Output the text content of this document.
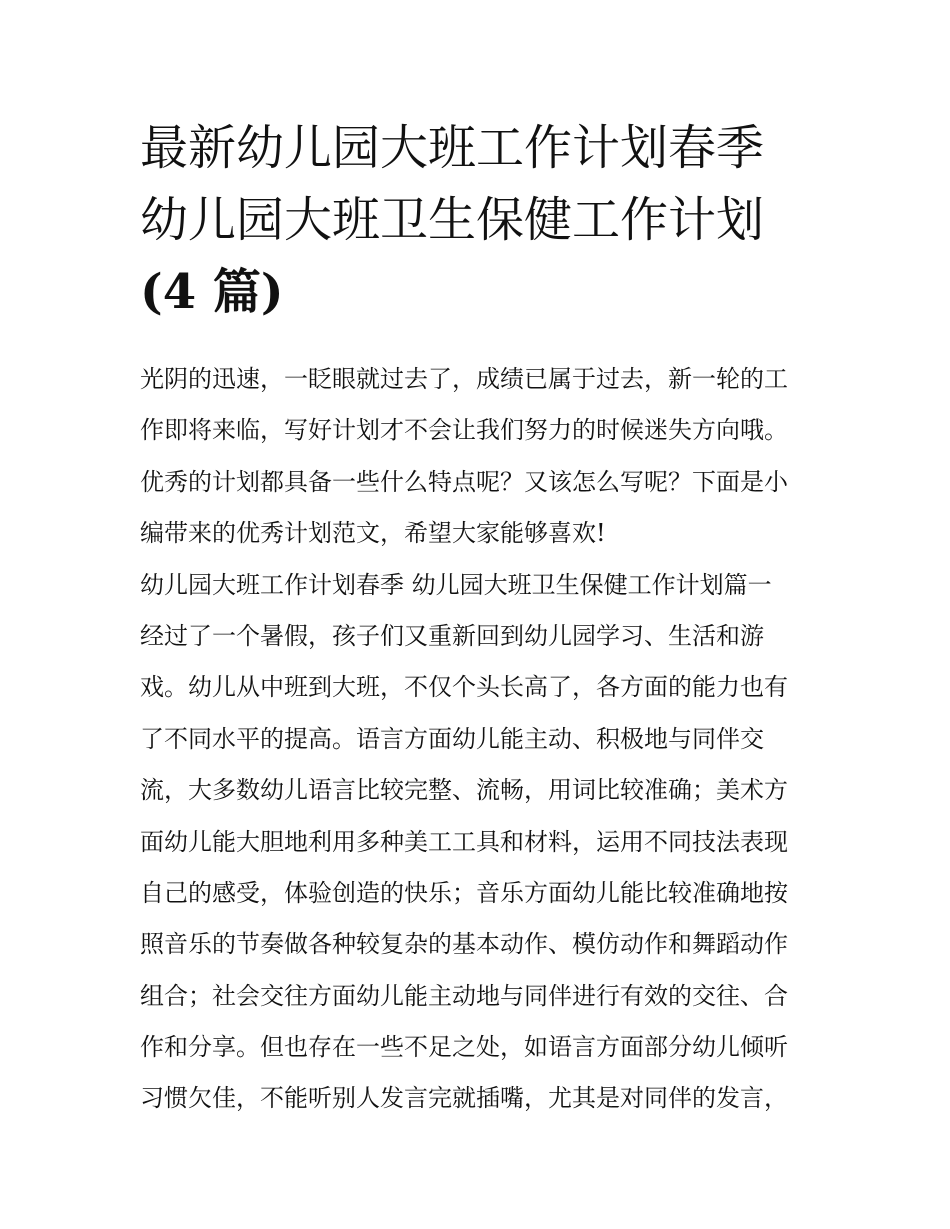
最新幼儿园大班工作计划春季
幼儿园大班卫生保健工作计划
(4 篇)
光阴的迅速，一眨眼就过去了，成绩已属于过去，新一轮的工
作即将来临，写好计划才不会让我们努力的时候迷失方向哦。
优秀的计划都具备一些什么特点呢？又该怎么写呢？下面是小
编带来的优秀计划范文，希望大家能够喜欢!
幼儿园大班工作计划春季 幼儿园大班卫生保健工作计划篇一
经过了一个暑假，孩子们又重新回到幼儿园学习、生活和游
戏。幼儿从中班到大班，不仅个头长高了，各方面的能力也有
了不同水平的提高。语言方面幼儿能主动、积极地与同伴交
流，大多数幼儿语言比较完整、流畅，用词比较准确；美术方
面幼儿能大胆地利用多种美工工具和材料，运用不同技法表现
自己的感受，体验创造的快乐；音乐方面幼儿能比较准确地按
照音乐的节奏做各种较复杂的基本动作、模仿动作和舞蹈动作
组合；社会交往方面幼儿能主动地与同伴进行有效的交往、合
作和分享。但也存在一些不足之处，如语言方面部分幼儿倾听
习惯欠佳，不能听别人发言完就插嘴，尤其是对同伴的发言，
